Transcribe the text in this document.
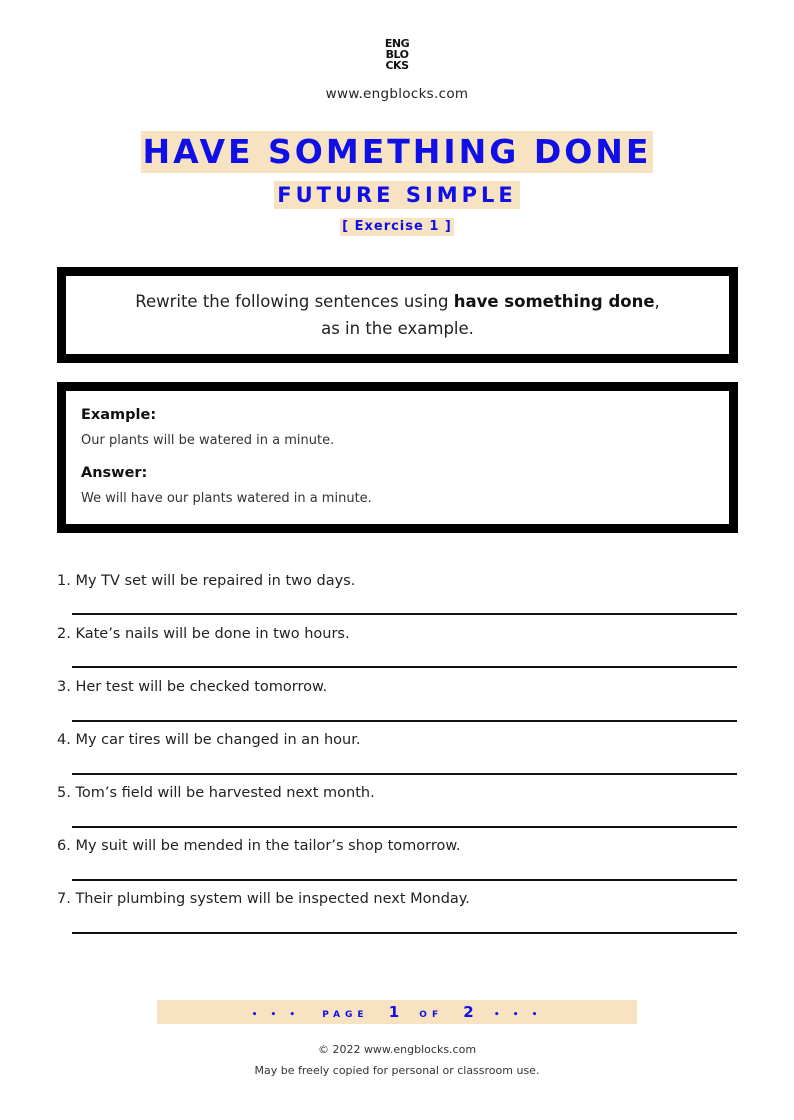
ENG
BLO
CKS
www.engblocks.com
HAVE SOMETHING DONE
FUTURE SIMPLE
[ Exercise 1 ]
Rewrite the following sentences using have something done,
as in the example.
Example:
Our plants will be watered in a minute.
Answer:
We will have our plants watered in a minute.
1. My TV set will be repaired in two days.
2. Kate’s nails will be done in two hours.
3. Her test will be checked tomorrow.
4. My car tires will be changed in an hour.
5. Tom’s field will be harvested next month.
6. My suit will be mended in the tailor’s shop tomorrow.
7. Their plumbing system will be inspected next Monday.
• • • PAGE 1 OF 2 • • •
© 2022 www.engblocks.com
May be freely copied for personal or classroom use.
